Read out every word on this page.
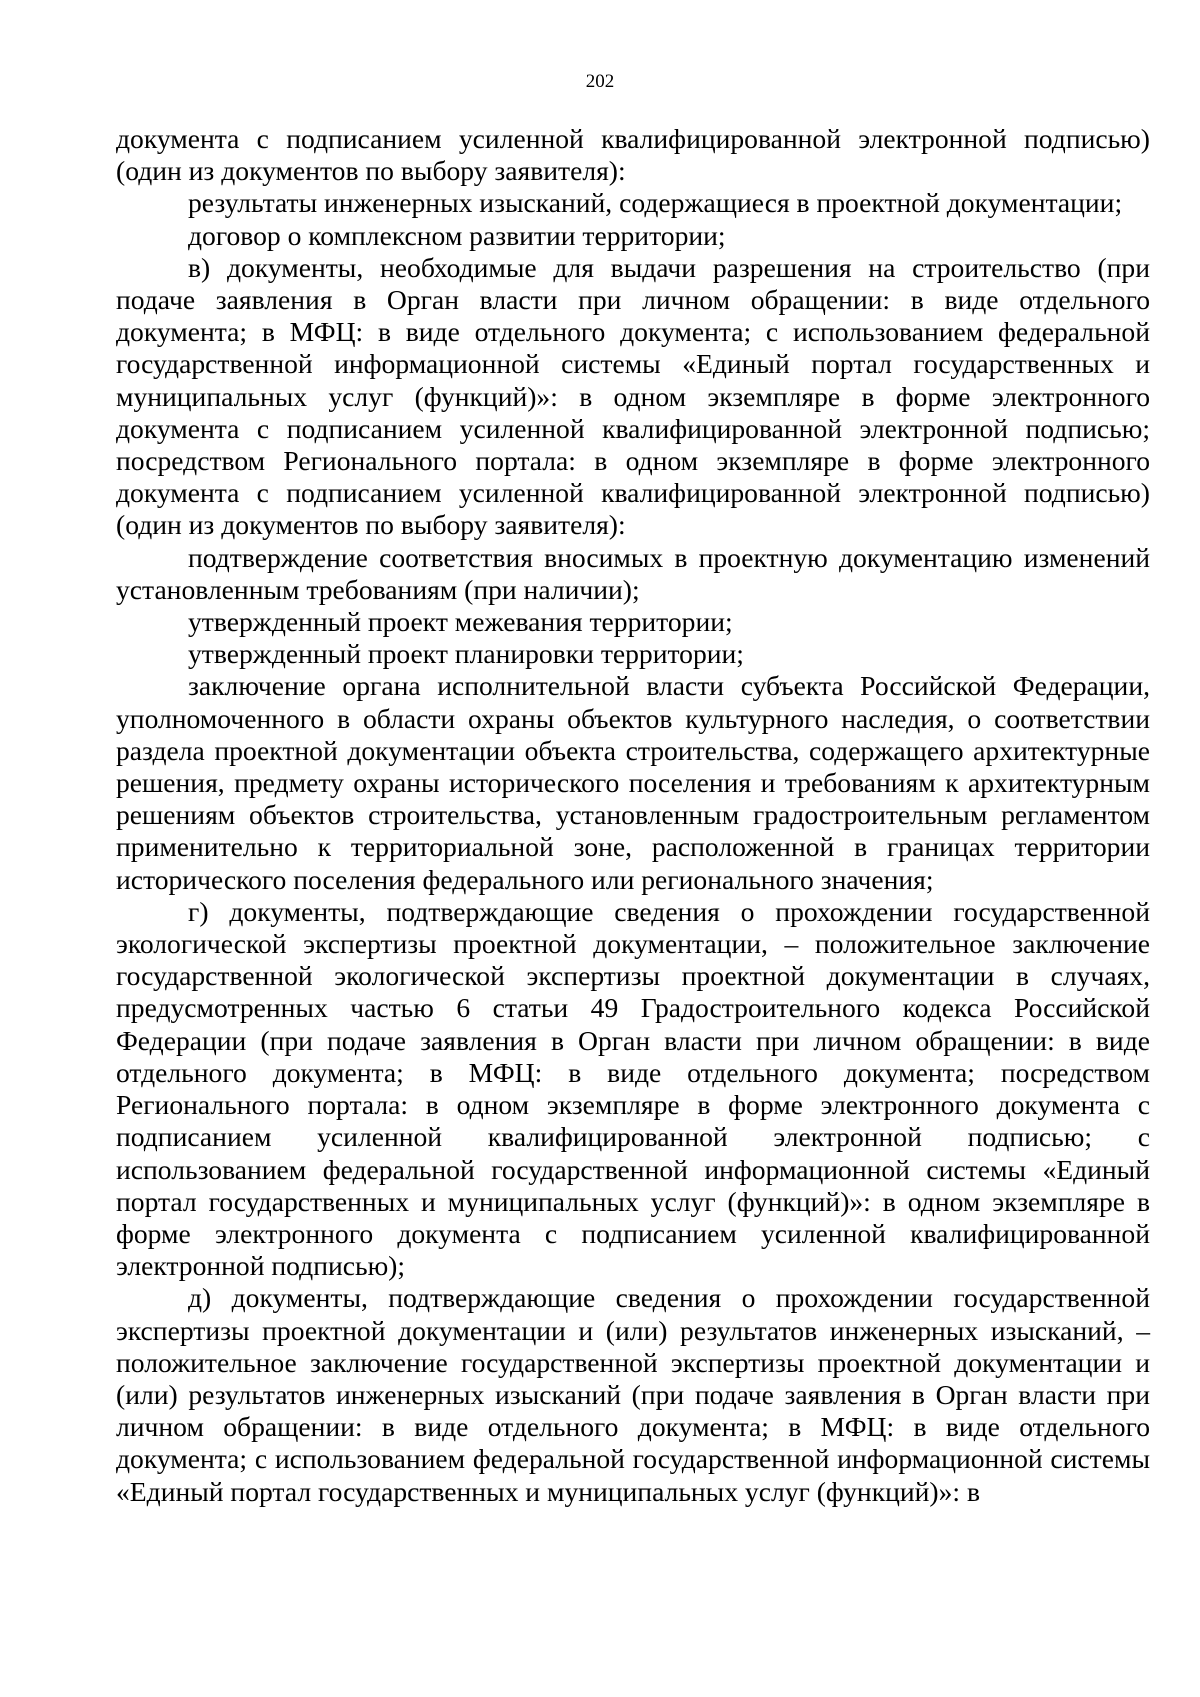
202

документа с подписанием усиленной квалифицированной электронной подписью) (один из документов по выбору заявителя):

результаты инженерных изысканий, содержащиеся в проектной документации;

договор о комплексном развитии территории;

в) документы, необходимые для выдачи разрешения на строительство (при подаче заявления в Орган власти при личном обращении: в виде отдельного документа; в МФЦ: в виде отдельного документа; с использованием федеральной государственной информационной системы «Единый портал государственных и муниципальных услуг (функций)»: в одном экземпляре в форме электронного документа с подписанием усиленной квалифицированной электронной подписью; посредством Регионального портала: в одном экземпляре в форме электронного документа с подписанием усиленной квалифицированной электронной подписью) (один из документов по выбору заявителя):

подтверждение соответствия вносимых в проектную документацию изменений установленным требованиям (при наличии);

утвержденный проект межевания территории;

утвержденный проект планировки территории;

заключение органа исполнительной власти субъекта Российской Федерации, уполномоченного в области охраны объектов культурного наследия, о соответствии раздела проектной документации объекта строительства, содержащего архитектурные решения, предмету охраны исторического поселения и требованиям к архитектурным решениям объектов строительства, установленным градостроительным регламентом применительно к территориальной зоне, расположенной в границах территории исторического поселения федерального или регионального значения;

г) документы, подтверждающие сведения о прохождении государственной экологической экспертизы проектной документации, – положительное заключение государственной экологической экспертизы проектной документации в случаях, предусмотренных частью 6 статьи 49 Градостроительного кодекса Российской Федерации (при подаче заявления в Орган власти при личном обращении: в виде отдельного документа; в МФЦ: в виде отдельного документа; посредством Регионального портала: в одном экземпляре в форме электронного документа с подписанием усиленной квалифицированной электронной подписью; с использованием федеральной государственной информационной системы «Единый портал государственных и муниципальных услуг (функций)»: в одном экземпляре в форме электронного документа с подписанием усиленной квалифицированной электронной подписью);

д) документы, подтверждающие сведения о прохождении государственной экспертизы проектной документации и (или) результатов инженерных изысканий, – положительное заключение государственной экспертизы проектной документации и (или) результатов инженерных изысканий (при подаче заявления в Орган власти при личном обращении: в виде отдельного документа; в МФЦ: в виде отдельного документа; с использованием федеральной государственной информационной системы «Единый портал государственных и муниципальных услуг (функций)»: в
